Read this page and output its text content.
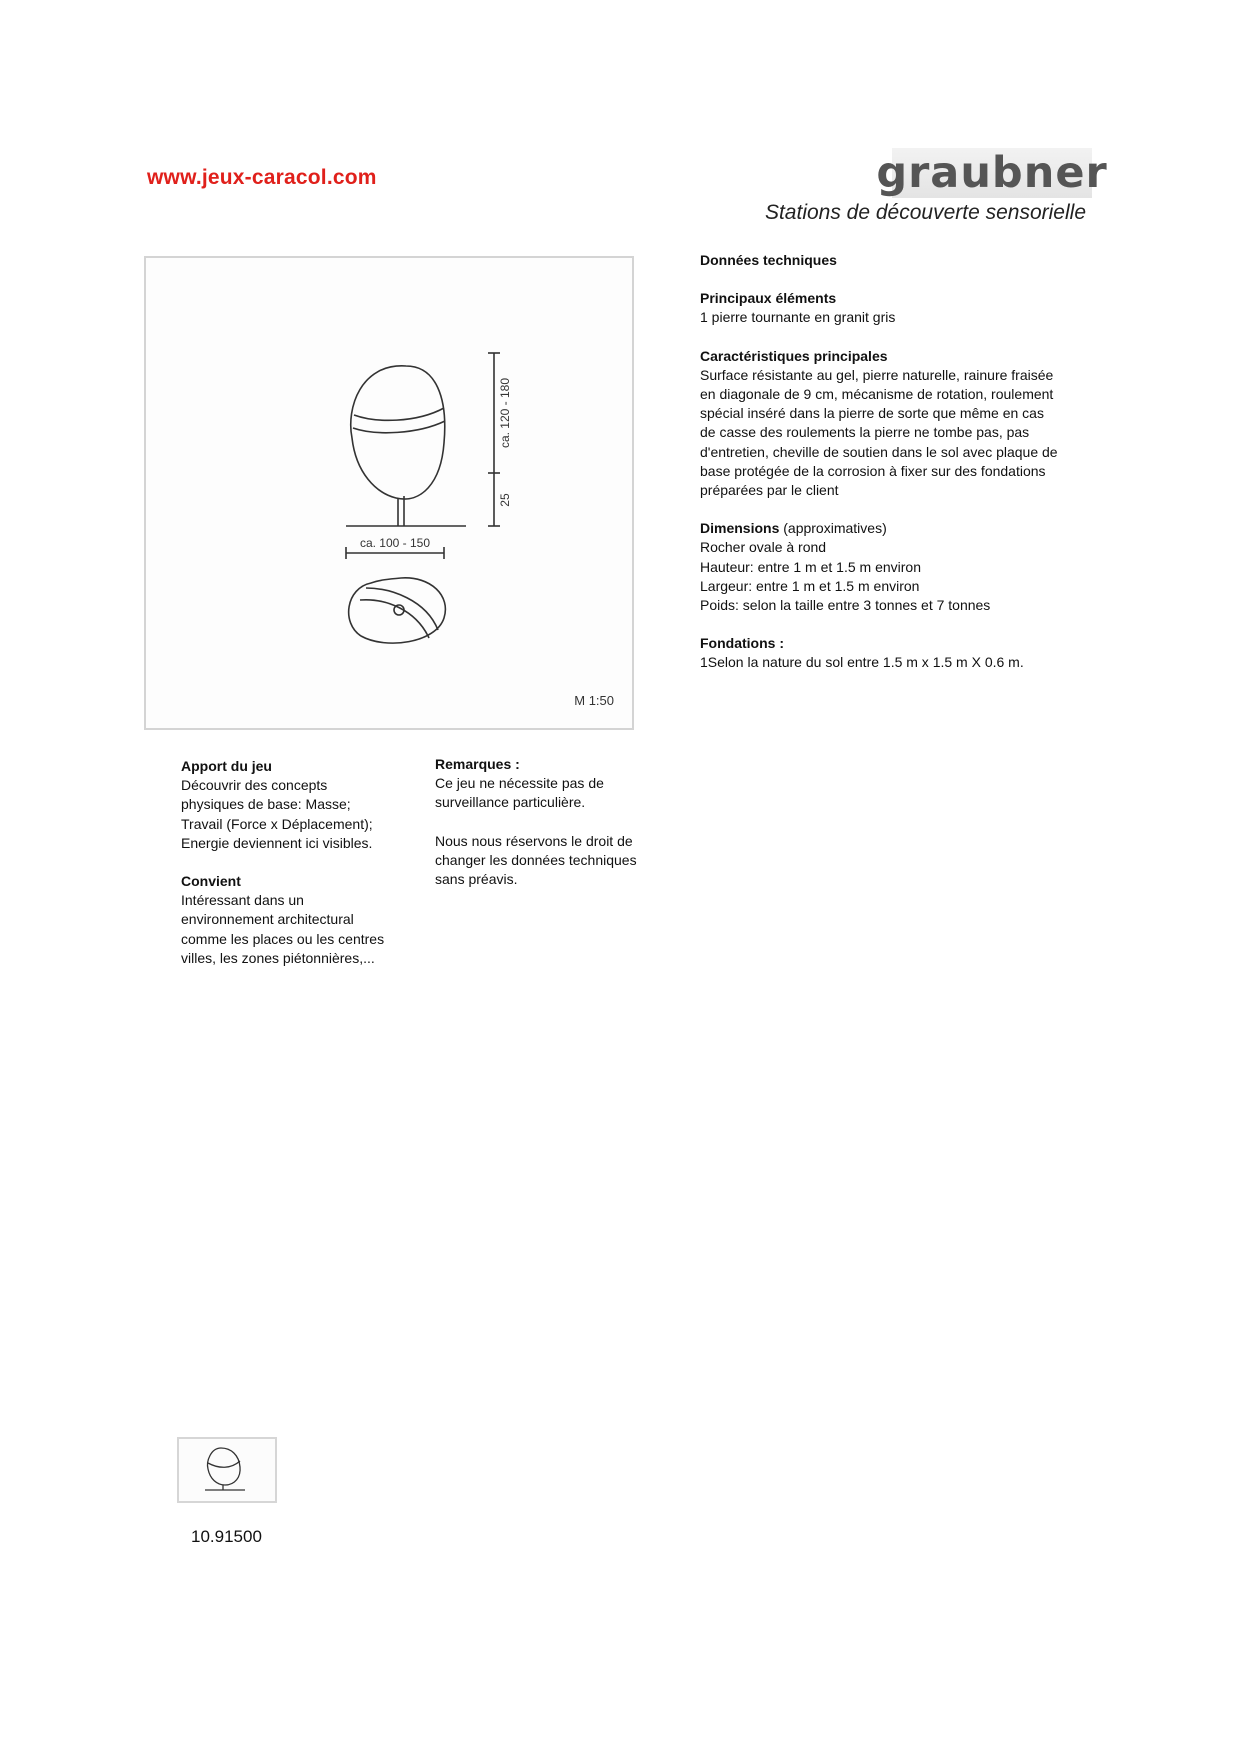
www.jeux-caracol.com	graubner
Stations de découverte sensorielle
ca. 120 - 180
25
ca. 100 - 150
M 1:50

Données techniques

Principaux éléments
1 pierre tournante en granit gris

Caractéristiques principales
Surface résistante au gel, pierre naturelle, rainure fraisée
en diagonale de 9 cm, mécanisme de rotation, roulement
spécial inséré dans la pierre de sorte que même en cas
de casse des roulements la pierre ne tombe pas, pas
d'entretien, cheville de soutien dans le sol avec plaque de
base protégée de la corrosion à fixer sur des fondations
préparées par le client

Dimensions (approximatives)
Rocher ovale à rond
Hauteur: entre 1 m et 1.5 m environ
Largeur: entre 1 m et 1.5 m environ
Poids: selon la taille entre 3 tonnes et 7 tonnes

Fondations :
1Selon la nature du sol entre 1.5 m x 1.5 m X 0.6 m.

Apport du jeu
Découvrir des concepts
physiques de base: Masse;
Travail (Force x Déplacement);
Energie deviennent ici visibles.

Convient
Intéressant dans un
environnement architectural
comme les places ou les centres
villes, les zones piétonnières,...

Remarques :
Ce jeu ne nécessite pas de
surveillance particulière.

Nous nous réservons le droit de
changer les données techniques
sans préavis.

10.91500
